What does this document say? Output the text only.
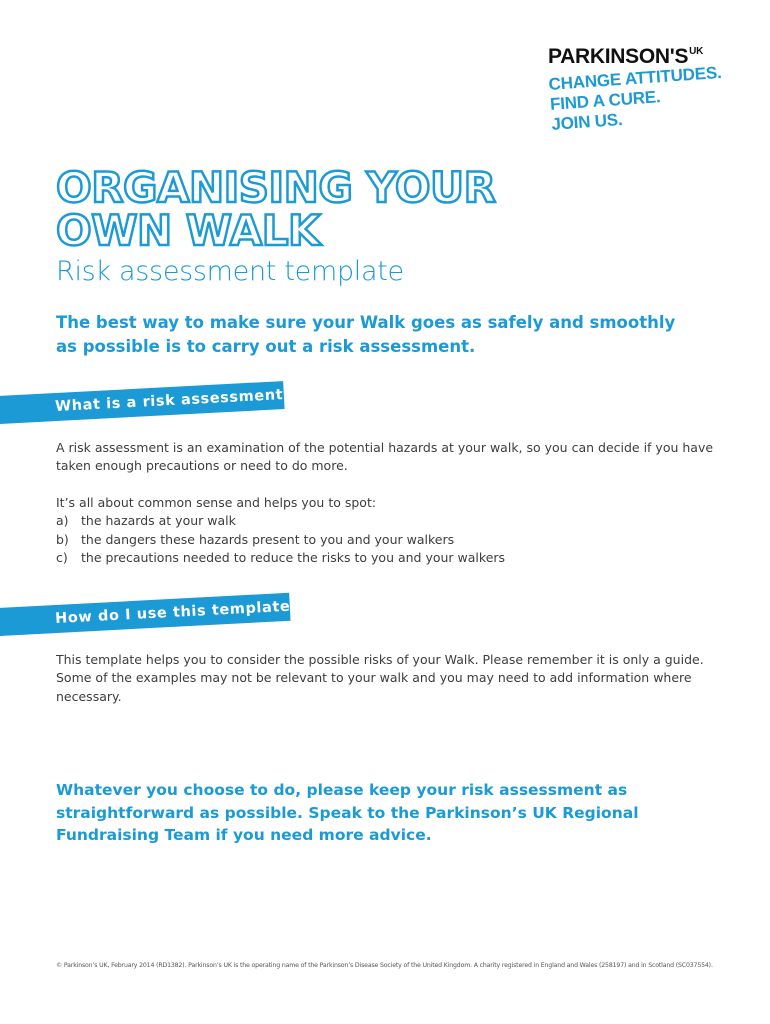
$PARKINSON'S^{UK}$
CHANGE ATTITUDES.
FIND A CURE.
JOIN US.
ORGANISING YOUR
OWN WALK
Risk assessment template
The best way to make sure your Walk goes as safely and smoothly as possible is to carry out a risk assessment.
What is a risk assessment?
A risk assessment is an examination of the potential hazards at your walk, so you can decide if you have taken enough precautions or need to do more.
It’s all about common sense and helps you to spot:
a) the hazards at your walk
b) the dangers these hazards present to you and your walkers
c)	the precautions needed to reduce the risks to you and your walkers
How do I use this template?
This template helps you to consider the possible risks of your Walk. Please remember it is only a guide. Some of the examples may not be relevant to your walk and you may need to add information where necessary.
Whatever you choose to do, please keep your risk assessment as straightforward as possible. Speak to the Parkinson’s UK Regional Fundraising Team if you need more advice.
© Parkinson’s UK, February 2014 (RD1382). Parkinson’s UK is the operating name of the Parkinson’s Disease Society of the United Kingdom. A charity registered in England and Wales (258197) and in Scotland (SC037554).
